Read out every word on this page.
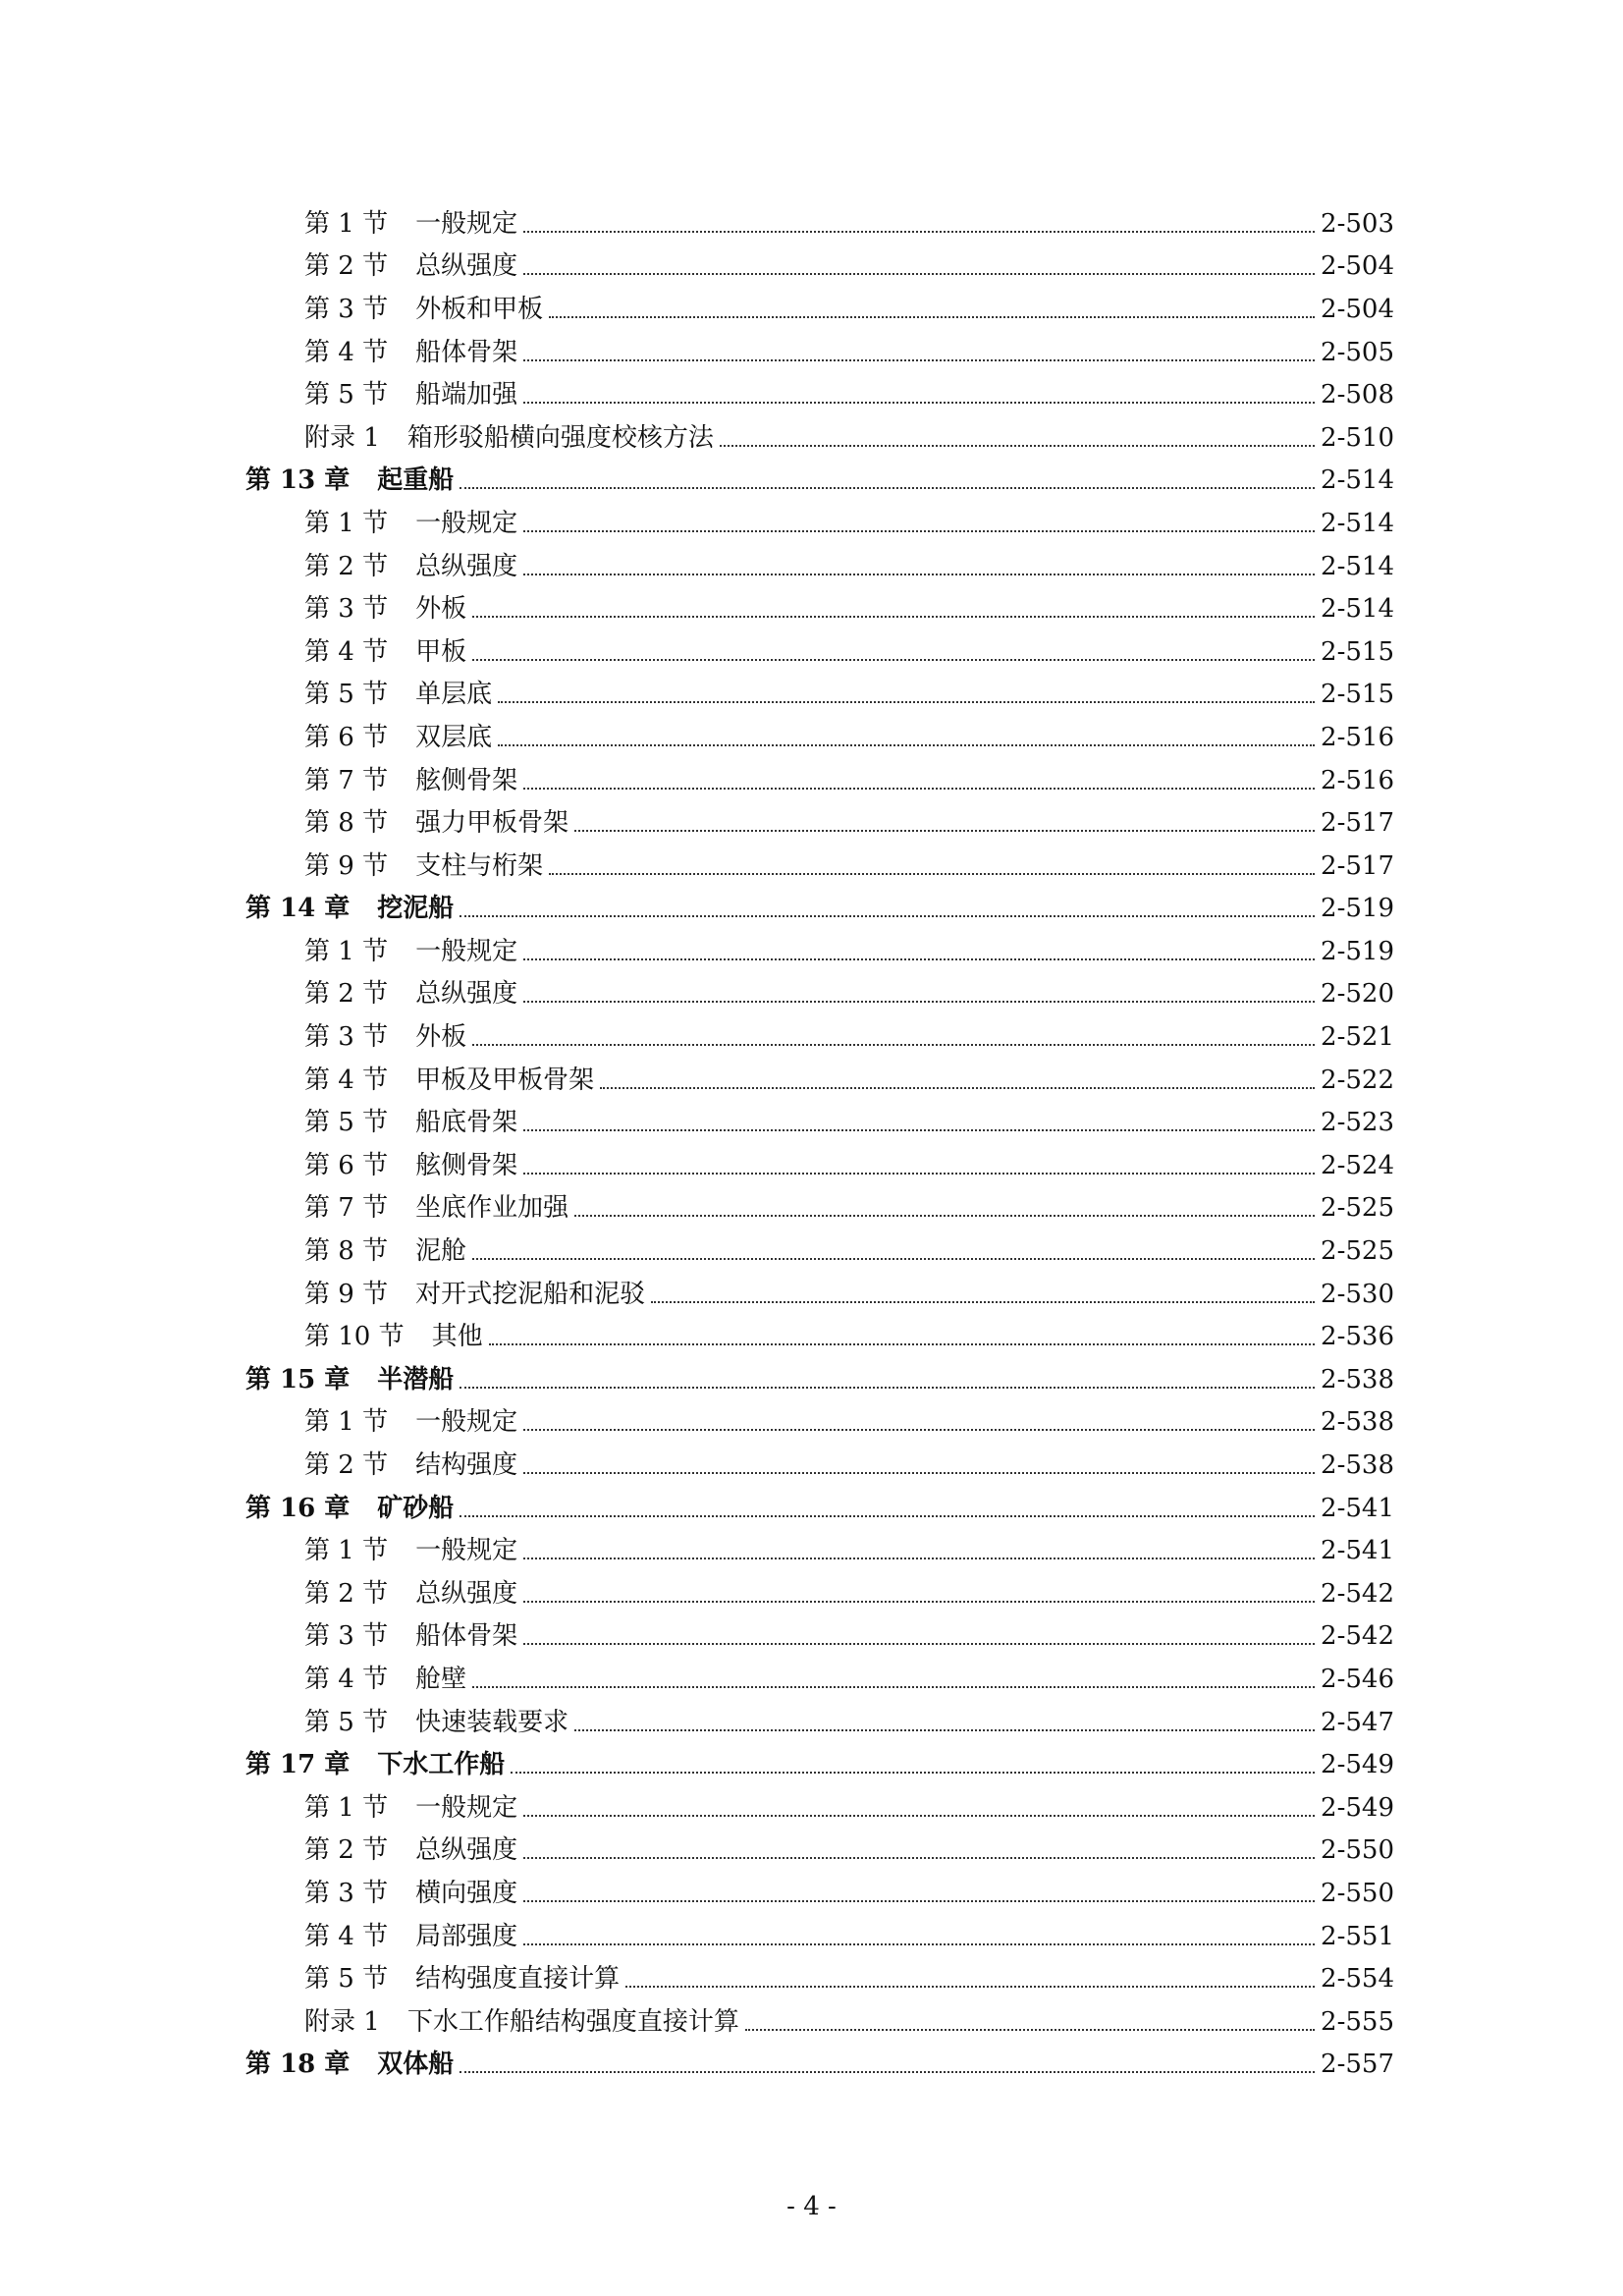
第 1 节 一般规定	2-503
第 2 节 总纵强度	2-504
第 3 节 外板和甲板	2-504
第 4 节 船体骨架	2-505
第 5 节 船端加强	2-508
附录 1 箱形驳船横向强度校核方法	2-510
第 13 章 起重船	2-514
第 1 节 一般规定	2-514
第 2 节 总纵强度	2-514
第 3 节 外板	2-514
第 4 节 甲板	2-515
第 5 节 单层底	2-515
第 6 节 双层底	2-516
第 7 节 舷侧骨架	2-516
第 8 节 强力甲板骨架	2-517
第 9 节 支柱与桁架	2-517
第 14 章 挖泥船	2-519
第 1 节 一般规定	2-519
第 2 节 总纵强度	2-520
第 3 节 外板	2-521
第 4 节 甲板及甲板骨架	2-522
第 5 节 船底骨架	2-523
第 6 节 舷侧骨架	2-524
第 7 节 坐底作业加强	2-525
第 8 节 泥舱	2-525
第 9 节 对开式挖泥船和泥驳	2-530
第 10 节 其他	2-536
第 15 章 半潜船	2-538
第 1 节 一般规定	2-538
第 2 节 结构强度	2-538
第 16 章 矿砂船	2-541
第 1 节 一般规定	2-541
第 2 节 总纵强度	2-542
第 3 节 船体骨架	2-542
第 4 节 舱壁	2-546
第 5 节 快速装载要求	2-547
第 17 章 下水工作船	2-549
第 1 节 一般规定	2-549
第 2 节 总纵强度	2-550
第 3 节 横向强度	2-550
第 4 节 局部强度	2-551
第 5 节 结构强度直接计算	2-554
附录 1 下水工作船结构强度直接计算	2-555
第 18 章 双体船	2-557
- 4 -
